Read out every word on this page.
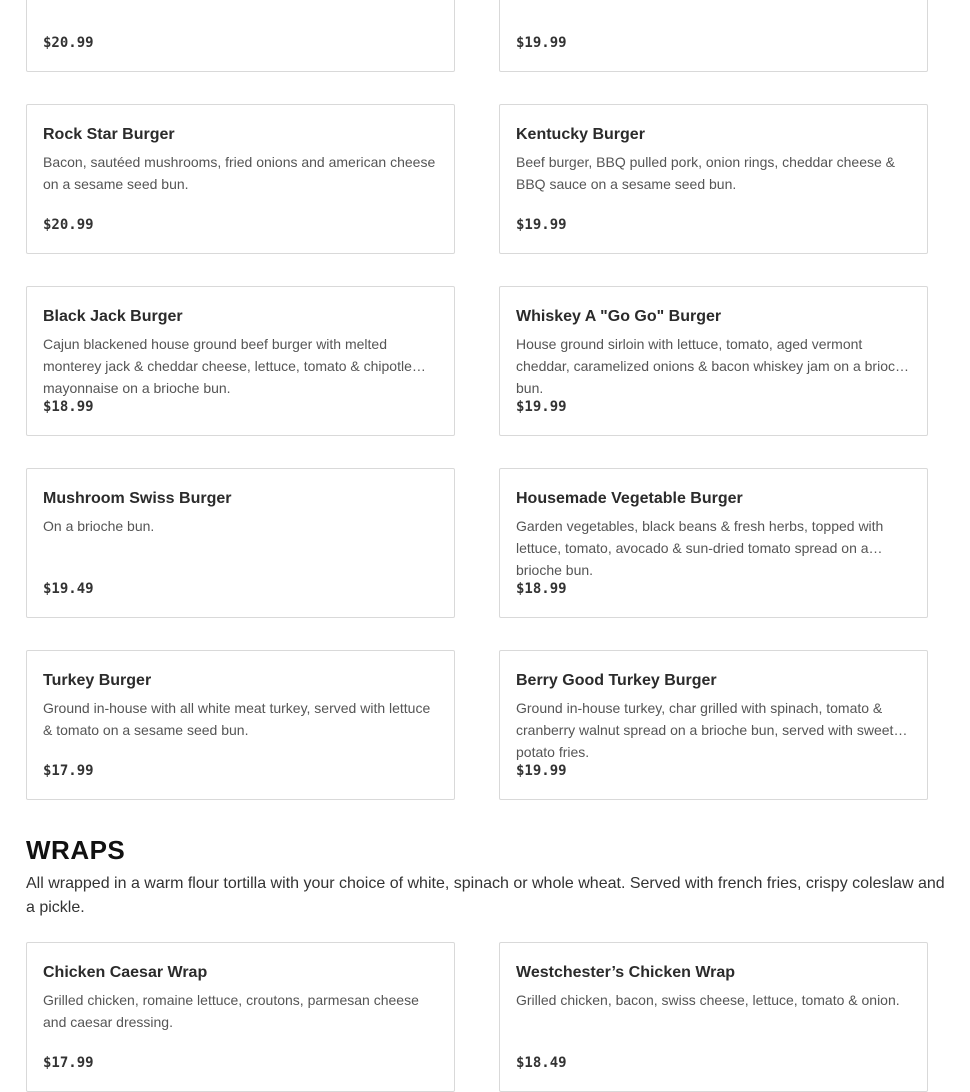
$20.99	$19.99
Rock Star Burger
Bacon, sautéed mushrooms, fried onions and american cheese on a sesame seed bun.
$20.99
Kentucky Burger
Beef burger, BBQ pulled pork, onion rings, cheddar cheese & BBQ sauce on a sesame seed bun.
$19.99
Black Jack Burger
Cajun blackened house ground beef burger with melted monterey jack & cheddar cheese, lettuce, tomato & chipotle mayonnaise on a brioche bun.
$18.99
Whiskey A "Go Go" Burger
House ground sirloin with lettuce, tomato, aged vermont cheddar, caramelized onions & bacon whiskey jam on a brioche bun.
$19.99
Mushroom Swiss Burger
On a brioche bun.
$19.49
Housemade Vegetable Burger
Garden vegetables, black beans & fresh herbs, topped with lettuce, tomato, avocado & sun-dried tomato spread on a brioche bun.
$18.99
Turkey Burger
Ground in-house with all white meat turkey, served with lettuce & tomato on a sesame seed bun.
$17.99
Berry Good Turkey Burger
Ground in-house turkey, char grilled with spinach, tomato & cranberry walnut spread on a brioche bun, served with sweet potato fries.
$19.99
WRAPS
All wrapped in a warm flour tortilla with your choice of white, spinach or whole wheat. Served with french fries, crispy coleslaw and a pickle.
Chicken Caesar Wrap
Grilled chicken, romaine lettuce, croutons, parmesan cheese and caesar dressing.
$17.99
Westchester’s Chicken Wrap
Grilled chicken, bacon, swiss cheese, lettuce, tomato & onion.
$18.49
